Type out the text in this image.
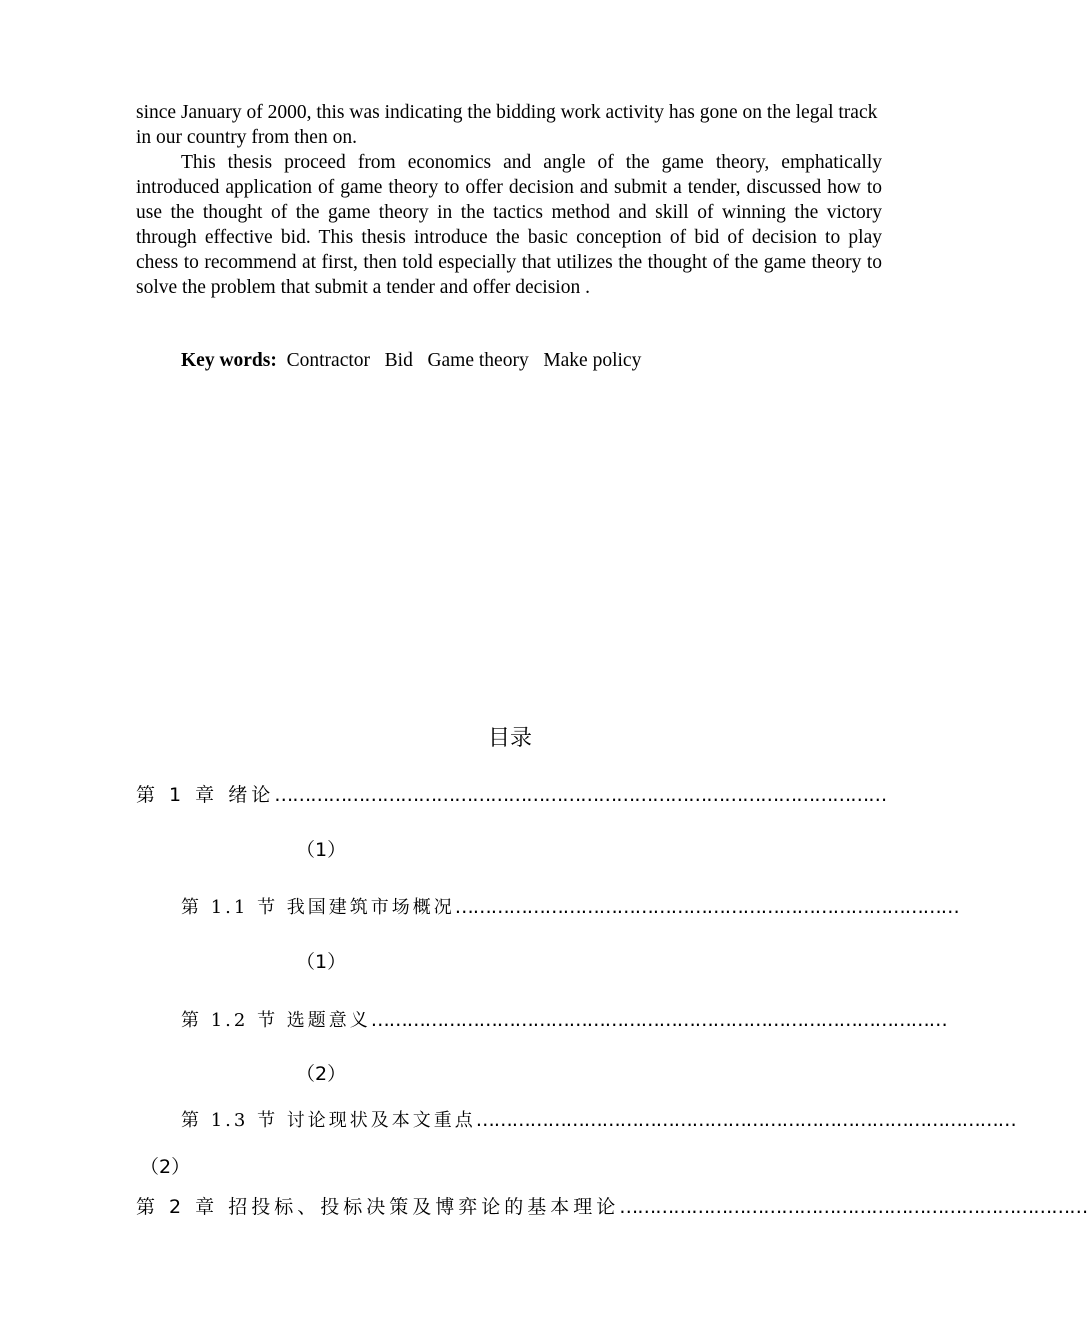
since January of 2000, this was indicating the bidding work activity has gone on the legal track in our country from then on.

This thesis proceed from economics and angle of the game theory, emphatically introduced application of game theory to offer decision and submit a tender, discussed how to use the thought of the game theory in the tactics method and skill of winning the victory through effective bid. This thesis introduce the basic conception of bid of decision to play chess to recommend at first, then told especially that utilizes the thought of the game theory to solve the problem that submit a tender and offer decision .

Key words:  Contractor   Bid   Game theory   Make policy
目录
第 1 章 绪论 …………………………………………………………………………………………
（1）
第 1.1 节 我国建筑市场概况 …………………………………………………………………………
（1）
第 1.2 节 选题意义 ……………………………………………………………………………………
（2）
第 1.3 节 讨论现状及本文重点 ………………………………………………………………………………
（2）
第 2 章 招投标、投标决策及博弈论的基本理论 ……………………………………………………………………
